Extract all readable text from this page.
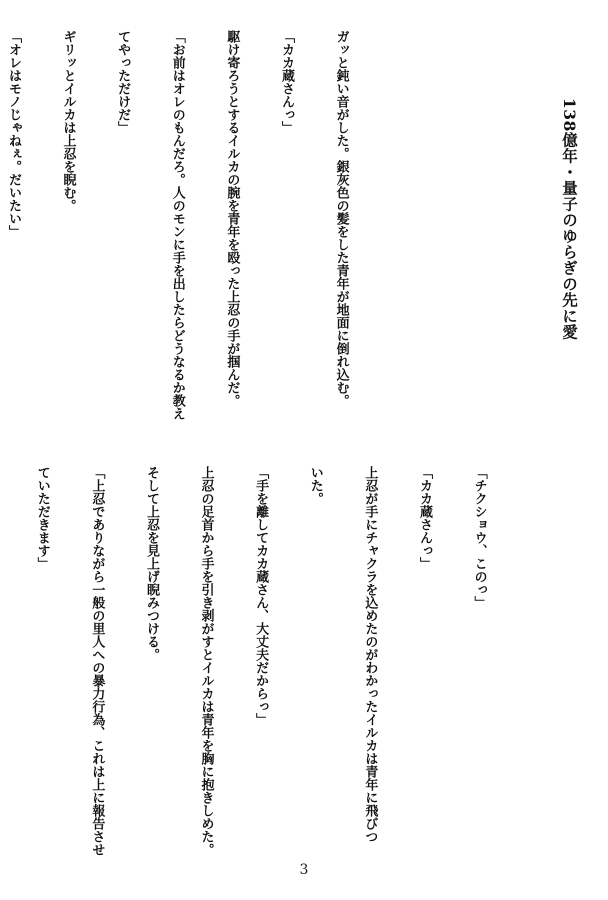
138億年・量子のゆらぎの先に愛

ガッと鈍い音がした。銀灰色の髪をした青年が地面に倒れ込む。

「カカ蔵さんっ」

駆け寄ろうとするイルカの腕を青年を殴った上忍の手が掴んだ。

「お前はオレのもんだろ。人のモンに手を出したらどうなるか教え

てやっただけだ」

ギリッとイルカは上忍を睨む。

「オレはモノじゃねぇ。だいたい」

「チクショウ、このっ」

「カカ蔵さんっ」

上忍が手にチャクラを込めたのがわかったイルカは青年に飛びつ

いた。

「手を離してカカ蔵さん、大丈夫だからっ」

上忍の足首から手を引き剥がすとイルカは青年を胸に抱きしめた。

そして上忍を見上げ睨みつける。

「上忍でありながら一般の里人への暴力行為、これは上に報告させ

ていただきます」

3
